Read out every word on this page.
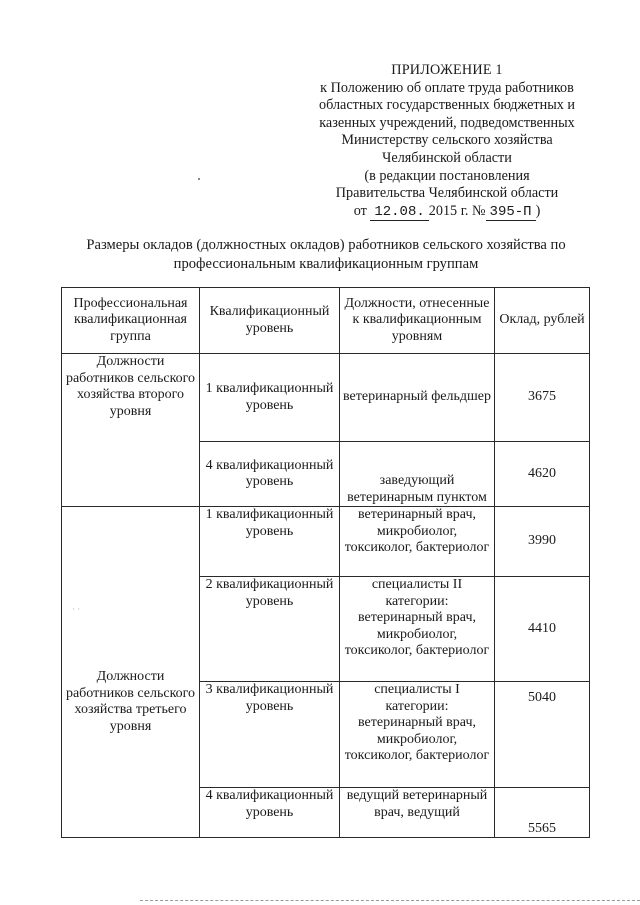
ПРИЛОЖЕНИЕ 1
к Положению об оплате труда работников
областных государственных бюджетных и
казенных учреждений, подведомственных
Министерству сельского хозяйства
Челябинской области
(в редакции постановления
Правительства Челябинской области
от 12.08. 2015 г. № 395-П )
· ·
Размеры окладов (должностных окладов) работников сельского хозяйства по
профессиональным квалификационным группам
Профессиональная квалификационная группа	Квалификационный уровень	Должности, отнесенные к квалификационным уровням	Оклад, рублей
Должности работников сельского хозяйства второго уровня	1 квалификационный уровень	ветеринарный фельдшер	3675
	4 квалификационный уровень	заведующий ветеринарным пунктом	4620
Должности работников сельского хозяйства третьего уровня	1 квалификационный уровень	ветеринарный врач, микробиолог, токсиколог, бактериолог	3990
	2 квалификационный уровень	специалисты II категории: ветеринарный врач, микробиолог, токсиколог, бактериолог	4410
	3 квалификационный уровень	специалисты I категории: ветеринарный врач, микробиолог, токсиколог, бактериолог	5040
	4 квалификационный уровень	ведущий ветеринарный врач, ведущий	5565
